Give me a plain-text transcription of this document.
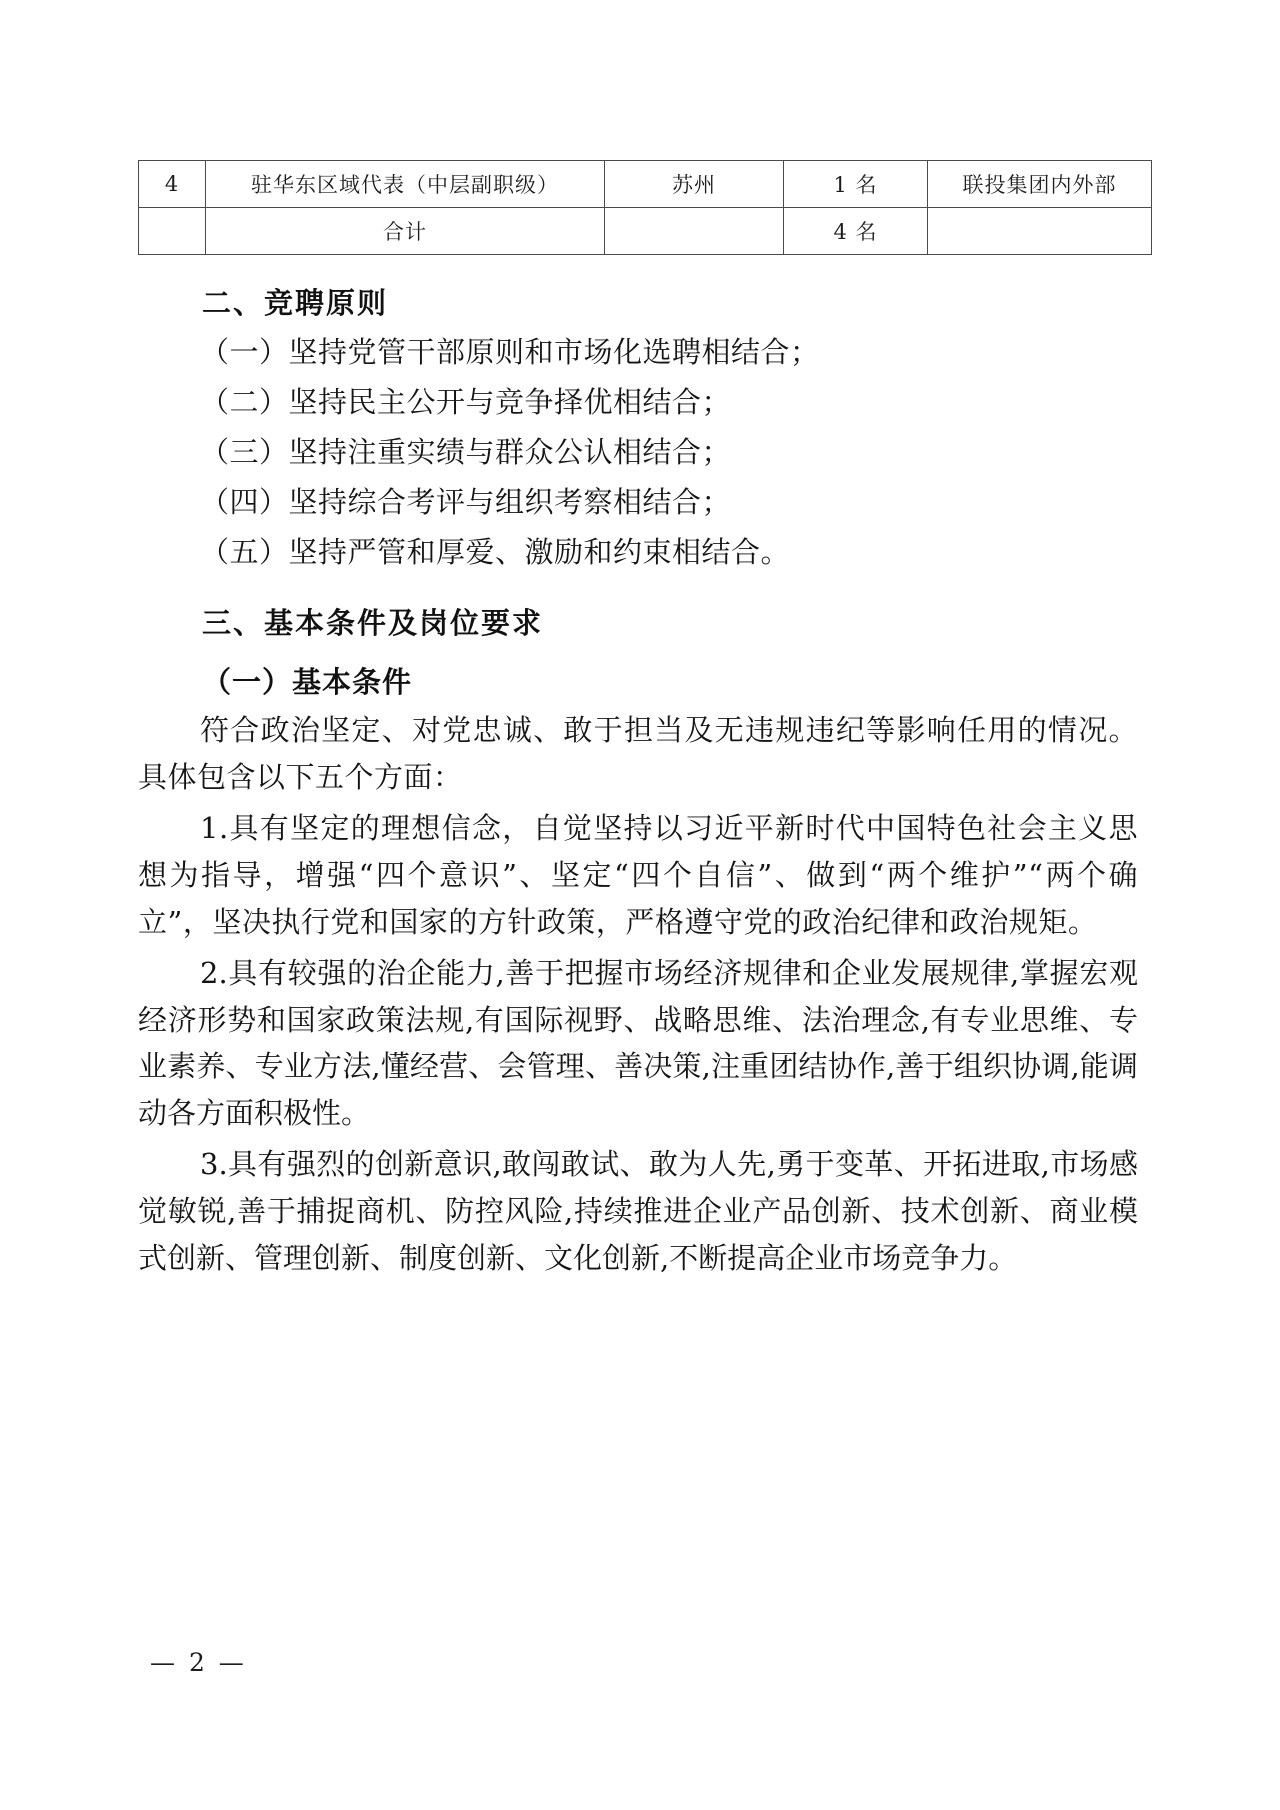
4	驻华东区域代表（中层副职级）	苏州	1 名	联投集团内外部
	合计		4 名	
二、竞聘原则

（一）坚持党管干部原则和市场化选聘相结合；

（二）坚持民主公开与竞争择优相结合；

（三）坚持注重实绩与群众公认相结合；

（四）坚持综合考评与组织考察相结合；

（五）坚持严管和厚爱、激励和约束相结合。

三、基本条件及岗位要求
（一）基本条件

符合政治坚定、对党忠诚、敢于担当及无违规违纪等影响任用的情况。具体包含以下五个方面：

1.具有坚定的理想信念，自觉坚持以习近平新时代中国特色社会主义思想为指导，增强“四个意识”、坚定“四个自信”、做到“两个维护”“两个确立”，坚决执行党和国家的方针政策，严格遵守党的政治纪律和政治规矩。

2.具有较强的治企能力,善于把握市场经济规律和企业发展规律,掌握宏观经济形势和国家政策法规,有国际视野、战略思维、法治理念,有专业思维、专业素养、专业方法,懂经营、会管理、善决策,注重团结协作,善于组织协调,能调动各方面积极性。

3.具有强烈的创新意识,敢闯敢试、敢为人先,勇于变革、开拓进取,市场感觉敏锐,善于捕捉商机、防控风险,持续推进企业产品创新、技术创新、商业模式创新、管理创新、制度创新、文化创新,不断提高企业市场竞争力。

— 2 —
